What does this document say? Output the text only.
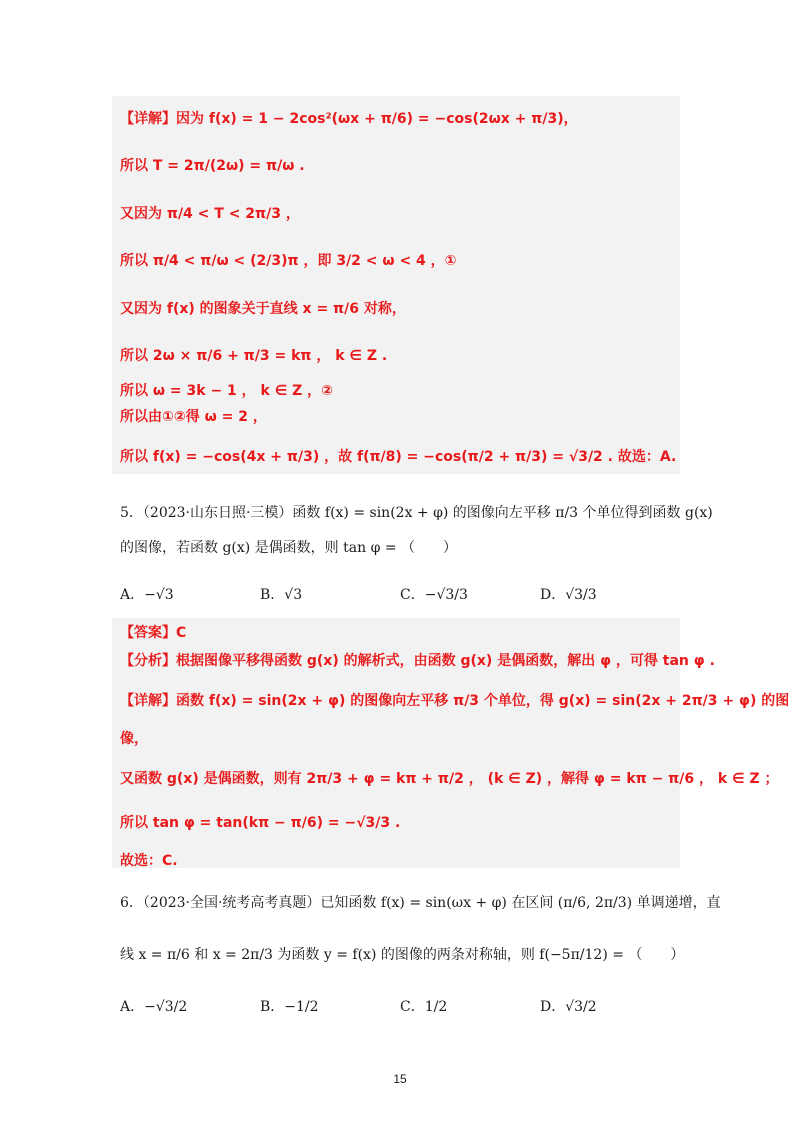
【详解】因为 f(x) = 1 − 2cos²(ωx + π/6) = −cos(2ωx + π/3)，
所以 T = 2π/(2ω) = π/ω .
又因为 π/4 < T < 2π/3 ，
所以 π/4 < π/ω < (2/3)π ，即 3/2 < ω < 4 ，①
又因为 f(x) 的图象关于直线 x = π/6 对称，
所以 2ω × π/6 + π/3 = kπ ， k ∈ Z .
所以 ω = 3k − 1 ， k ∈ Z ，②
所以由①②得 ω = 2 ，
所以 f(x) = −cos(4x + π/3) ，故 f(π/8) = −cos(π/2 + π/3) = √3/2 . 故选：A.
5．（2023·山东日照·三模）函数 f(x) = sin(2x + φ) 的图像向左平移 π/3 个单位得到函数 g(x)
的图像，若函数 g(x) 是偶函数，则 tan φ = （　　）
A．−√3	B．√3	C．−√3/3	D．√3/3
【答案】C
【分析】根据图像平移得函数 g(x) 的解析式，由函数 g(x) 是偶函数，解出 φ ，可得 tan φ .
【详解】函数 f(x) = sin(2x + φ) 的图像向左平移 π/3 个单位，得 g(x) = sin(2x + 2π/3 + φ) 的图
像，
又函数 g(x) 是偶函数，则有 2π/3 + φ = kπ + π/2 ， (k ∈ Z) ，解得 φ = kπ − π/6 ， k ∈ Z ；
所以 tan φ = tan(kπ − π/6) = −√3/3 .
故选：C.
6．（2023·全国·统考高考真题）已知函数 f(x) = sin(ωx + φ) 在区间 (π/6, 2π/3) 单调递增，直
线 x = π/6 和 x = 2π/3 为函数 y = f(x) 的图像的两条对称轴，则 f(−5π/12) = （　　）
A．−√3/2	B．−1/2	C．1/2	D．√3/2
15
